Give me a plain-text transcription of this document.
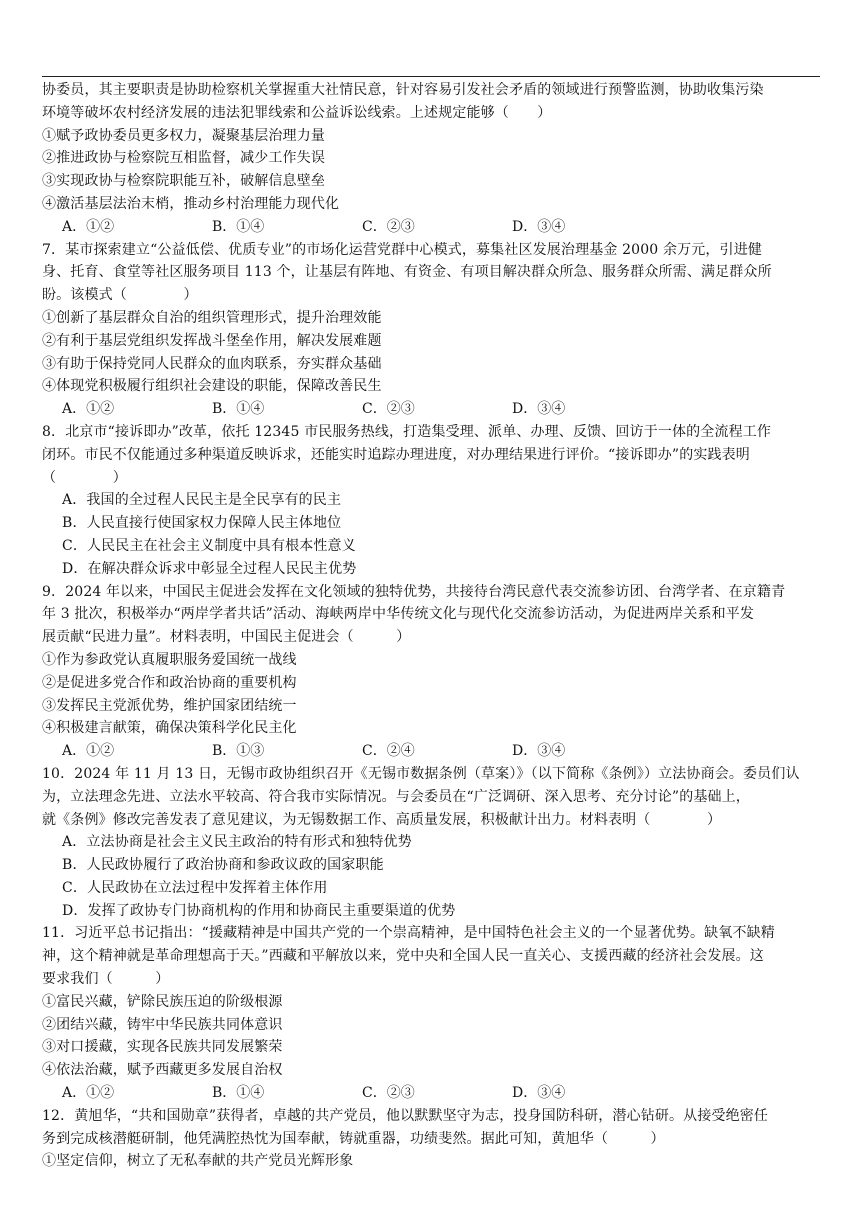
协委员，其主要职责是协助检察机关掌握重大社情民意，针对容易引发社会矛盾的领域进行预警监测，协助收集污染
环境等破坏农村经济发展的违法犯罪线索和公益诉讼线索。上述规定能够（　　）
①赋予政协委员更多权力，凝聚基层治理力量
②推进政协与检察院互相监督，减少工作失误
③实现政协与检察院职能互补，破解信息壁垒
④激活基层法治末梢，推动乡村治理能力现代化
A．①②	B．①④	C．②③	D．③④
7．某市探索建立“公益低偿、优质专业”的市场化运营党群中心模式，募集社区发展治理基金 2000 余万元，引进健
身、托育、食堂等社区服务项目 113 个，让基层有阵地、有资金、有项目解决群众所急、服务群众所需、满足群众所
盼。该模式（　　　　）
①创新了基层群众自治的组织管理形式，提升治理效能
②有利于基层党组织发挥战斗堡垒作用，解决发展难题
③有助于保持党同人民群众的血肉联系，夯实群众基础
④体现党积极履行组织社会建设的职能，保障改善民生
A．①②	B．①④	C．②③	D．③④
8．北京市“接诉即办”改革，依托 12345 市民服务热线，打造集受理、派单、办理、反馈、回访于一体的全流程工作
闭环。市民不仅能通过多种渠道反映诉求，还能实时追踪办理进度，对办理结果进行评价。“接诉即办”的实践表明
（　　　　）
A．我国的全过程人民民主是全民享有的民主
B．人民直接行使国家权力保障人民主体地位
C．人民民主在社会主义制度中具有根本性意义
D．在解决群众诉求中彰显全过程人民民主优势
9．2024 年以来，中国民主促进会发挥在文化领域的独特优势，共接待台湾民意代表交流参访团、台湾学者、在京籍青
年 3 批次，积极举办“两岸学者共话”活动、海峡两岸中华传统文化与现代化交流参访活动，为促进两岸关系和平发
展贡献“民进力量”。材料表明，中国民主促进会（　　　）
①作为参政党认真履职服务爱国统一战线
②是促进多党合作和政治协商的重要机构
③发挥民主党派优势，维护国家团结统一
④积极建言献策，确保决策科学化民主化
A．①②	B．①③	C．②④	D．③④
10．2024 年 11 月 13 日，无锡市政协组织召开《无锡市数据条例（草案）》（以下简称《条例》）立法协商会。委员们认
为，立法理念先进、立法水平较高、符合我市实际情况。与会委员在“广泛调研、深入思考、充分讨论”的基础上，
就《条例》修改完善发表了意见建议，为无锡数据工作、高质量发展，积极献计出力。材料表明（　　　　）
A．立法协商是社会主义民主政治的特有形式和独特优势
B．人民政协履行了政治协商和参政议政的国家职能
C．人民政协在立法过程中发挥着主体作用
D．发挥了政协专门协商机构的作用和协商民主重要渠道的优势
11．习近平总书记指出：“援藏精神是中国共产党的一个崇高精神，是中国特色社会主义的一个显著优势。缺氧不缺精
神，这个精神就是革命理想高于天。”西藏和平解放以来，党中央和全国人民一直关心、支援西藏的经济社会发展。这
要求我们（　　　）
①富民兴藏，铲除民族压迫的阶级根源
②团结兴藏，铸牢中华民族共同体意识
③对口援藏，实现各民族共同发展繁荣
④依法治藏，赋予西藏更多发展自治权
A．①②	B．①④	C．②③	D．③④
12．黄旭华，“共和国勋章”获得者，卓越的共产党员，他以默默坚守为志，投身国防科研，潜心钻研。从接受绝密任
务到完成核潜艇研制，他凭满腔热忱为国奉献，铸就重器，功绩斐然。据此可知，黄旭华（　　　）
①坚定信仰，树立了无私奉献的共产党员光辉形象
